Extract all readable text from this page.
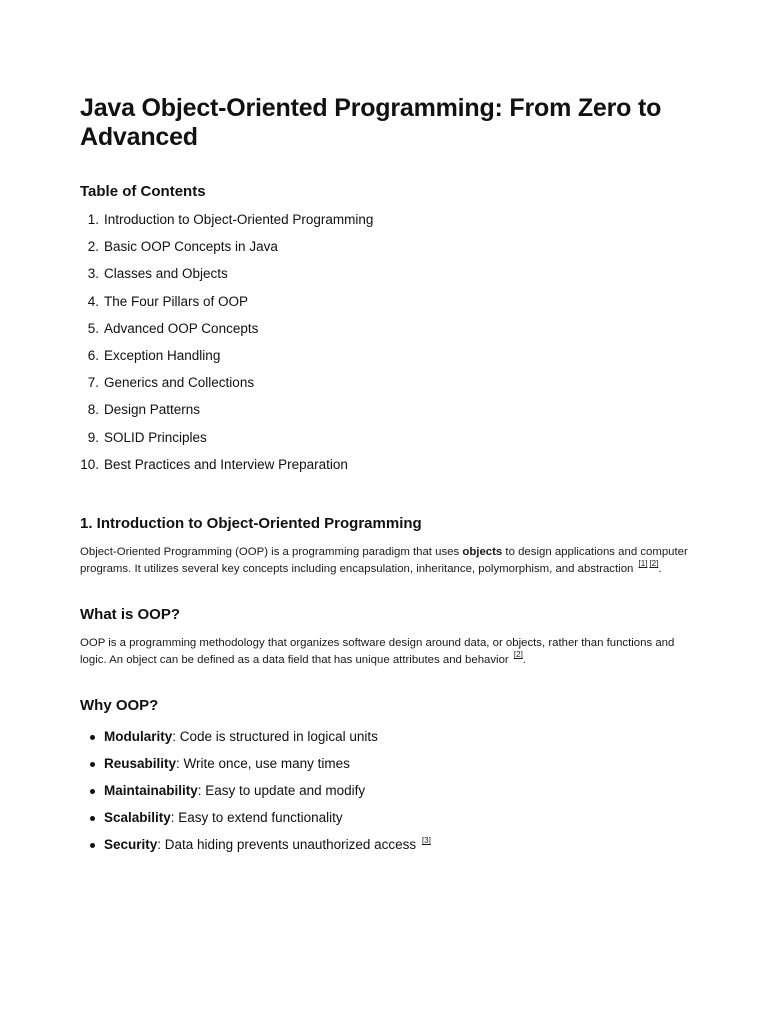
Java Object-Oriented Programming: From Zero to Advanced
Table of Contents
1. Introduction to Object-Oriented Programming
2. Basic OOP Concepts in Java
3. Classes and Objects
4. The Four Pillars of OOP
5. Advanced OOP Concepts
6. Exception Handling
7. Generics and Collections
8. Design Patterns
9. SOLID Principles
10. Best Practices and Interview Preparation
1. Introduction to Object-Oriented Programming

Object-Oriented Programming (OOP) is a programming paradigm that uses objects to design applications and computer programs. It utilizes several key concepts including encapsulation, inheritance, polymorphism, and abstraction [1] [2].

What is OOP?

OOP is a programming methodology that organizes software design around data, or objects, rather than functions and logic. An object can be defined as a data field that has unique attributes and behavior [2].

Why OOP?
Modularity: Code is structured in logical units
Reusability: Write once, use many times
Maintainability: Easy to update and modify
Scalability: Easy to extend functionality
Security: Data hiding prevents unauthorized access [3]
